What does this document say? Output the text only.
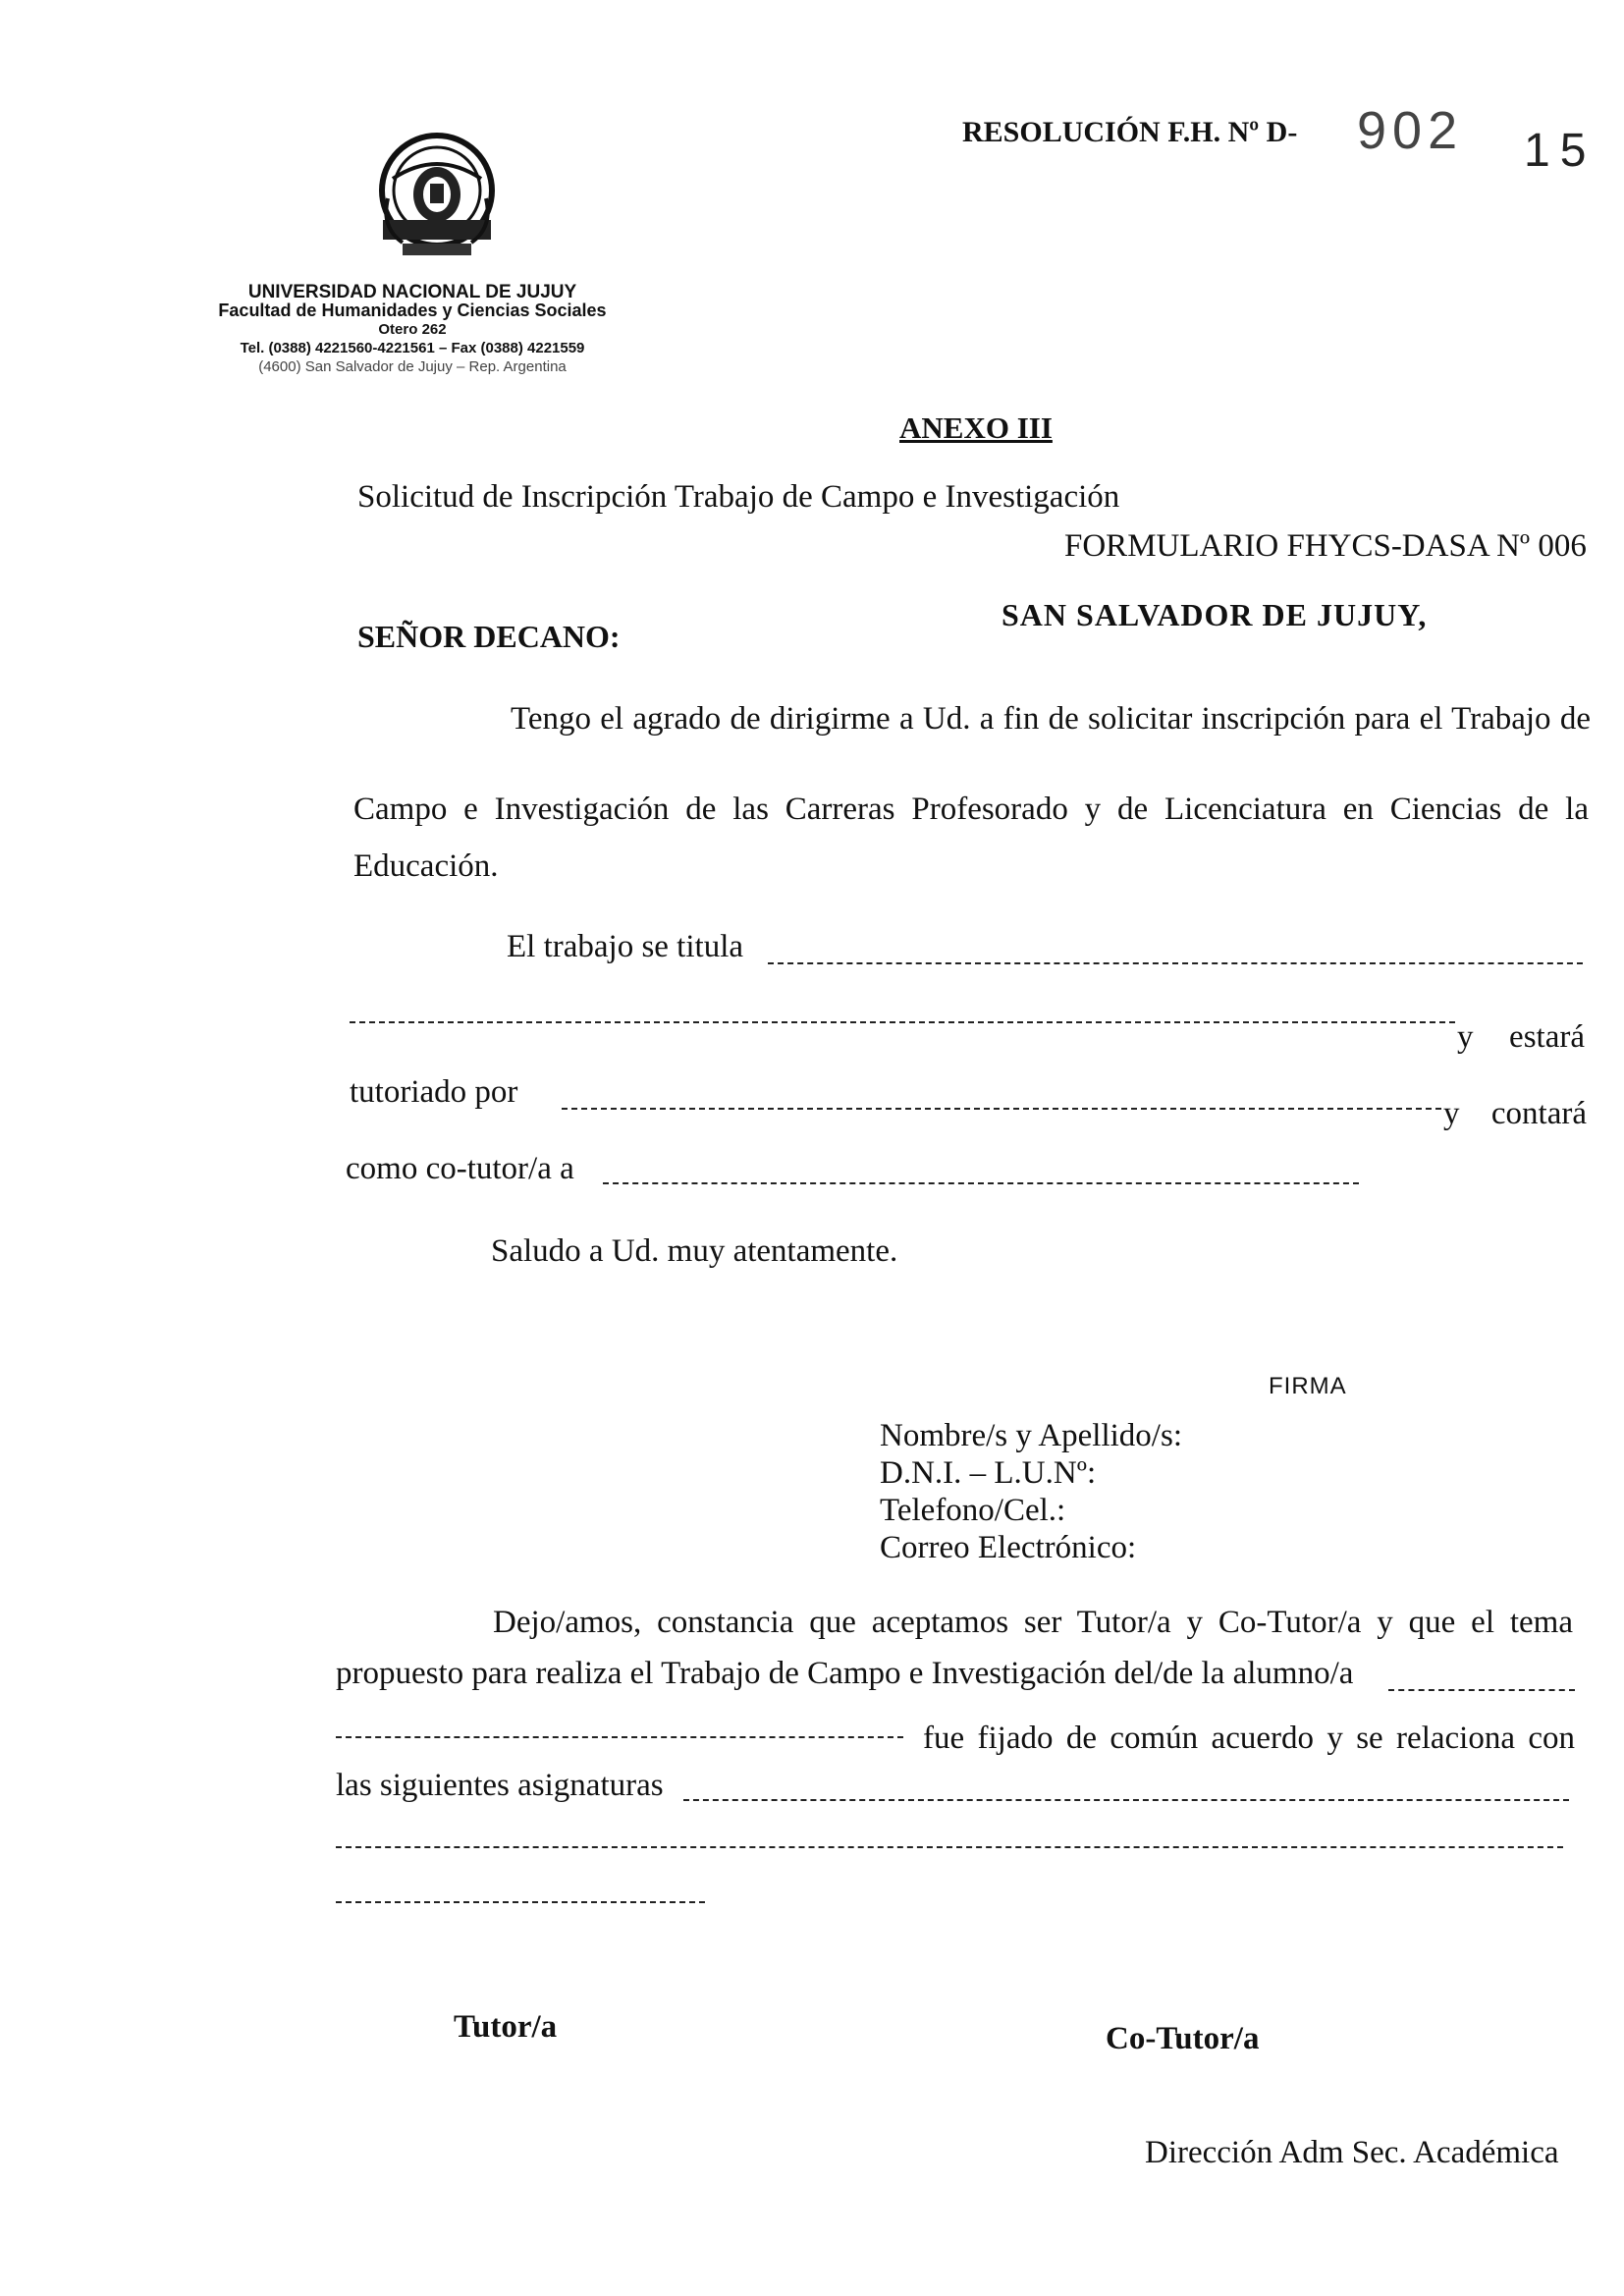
UNIVERSIDAD NACIONAL DE JUJUY
Facultad de Humanidades y Ciencias Sociales
Otero 262
Tel. (0388) 4221560-4221561 – Fax (0388) 4221559
(4600) San Salvador de Jujuy – Rep. Argentina
RESOLUCIÓN F.H. Nº D- 902 15
ANEXO III
Solicitud de Inscripción Trabajo de Campo e Investigación
FORMULARIO FHYCS-DASA Nº 006
SAN SALVADOR DE JUJUY,
SEÑOR DECANO:
Tengo el agrado de dirigirme a Ud. a fin de solicitar inscripción para el Trabajo de
Campo e Investigación de las Carreras Profesorado y de Licenciatura en Ciencias de la
Educación.
El trabajo se titula
y estará
tutoriado por
y contará
como co-tutor/a a
Saludo a Ud. muy atentamente.
FIRMA
Nombre/s y Apellido/s:
D.N.I. – L.U.Nº:
Telefono/Cel.:
Correo Electrónico:
Dejo/amos, constancia que aceptamos ser Tutor/a y Co-Tutor/a y que el tema
propuesto para realiza el Trabajo de Campo e Investigación del/de la alumno/a
fue fijado de común acuerdo y se relaciona con
las siguientes asignaturas
Tutor/a	Co-Tutor/a
Dirección Adm Sec. Académica
